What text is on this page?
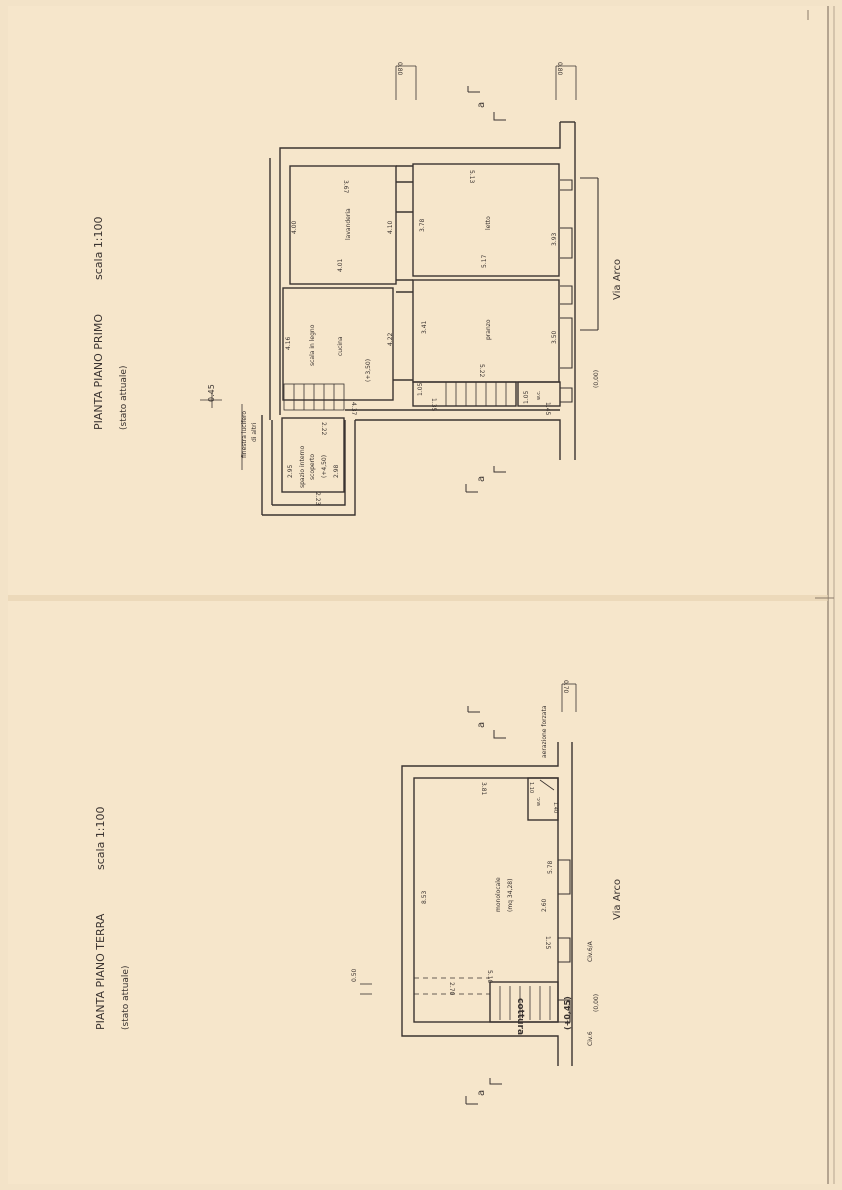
PIANTA PIANO PRIMO
scala 1:100
(stato attuale)
a
a
lavanderia	letto
pranzo
cucina
scala in legno
(+3,50)
spazio interno scoperto (+4,50)
w.c.
3.67
4.00
4.01
4.10
5.13
3.78
3.93
5.17
3.41
3.50
5.22
4.16	4.22
4.37
1.05
1.35
1.05
1.45
2.22
2.95	2.98
2.23
0.80	0.80
0.45
finestra lucifero di altri
(0,00)
Via Arco
PIANTA PIANO TERRA
scala 1:100
(stato attuale)
a
a
monolocale (mq 34,28)
w.c.
cottura	(+0,45)
3.81
8.53
5.78
2.60
1.25
5.10
2.70
1.10
1.40
0.50
0.70
aerazione forzata
(0,00)
Civ.6/A
Civ.6
Via Arco
